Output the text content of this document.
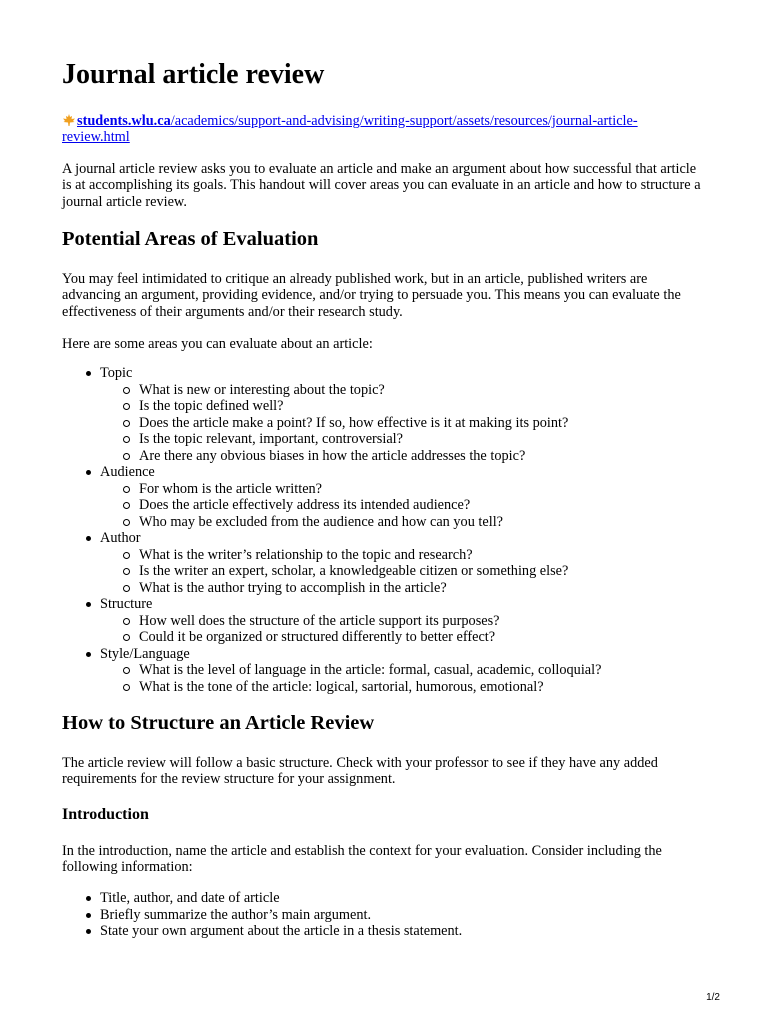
Journal article review
students.wlu.ca/academics/support-and-advising/writing-support/assets/resources/journal-article-review.html

A journal article review asks you to evaluate an article and make an argument about how successful that article is at accomplishing its goals. This handout will cover areas you can evaluate in an article and how to structure a journal article review.

Potential Areas of Evaluation

You may feel intimidated to critique an already published work, but in an article, published writers are advancing an argument, providing evidence, and/or trying to persuade you. This means you can evaluate the effectiveness of their arguments and/or their research study.

Here are some areas you can evaluate about an article:

Topic
What is new or interesting about the topic?
Is the topic defined well?
Does the article make a point? If so, how effective is it at making its point?
Is the topic relevant, important, controversial?
Are there any obvious biases in how the article addresses the topic?
Audience
For whom is the article written?
Does the article effectively address its intended audience?
Who may be excluded from the audience and how can you tell?
Author
What is the writer’s relationship to the topic and research?
Is the writer an expert, scholar, a knowledgeable citizen or something else?
What is the author trying to accomplish in the article?
Structure
How well does the structure of the article support its purposes?
Could it be organized or structured differently to better effect?
Style/Language
What is the level of language in the article: formal, casual, academic, colloquial?
What is the tone of the article: logical, sartorial, humorous, emotional?
How to Structure an Article Review

The article review will follow a basic structure. Check with your professor to see if they have any added requirements for the review structure for your assignment.

Introduction

In the introduction, name the article and establish the context for your evaluation. Consider including the following information:

Title, author, and date of article
Briefly summarize the author’s main argument.
State your own argument about the article in a thesis statement.
1/2
